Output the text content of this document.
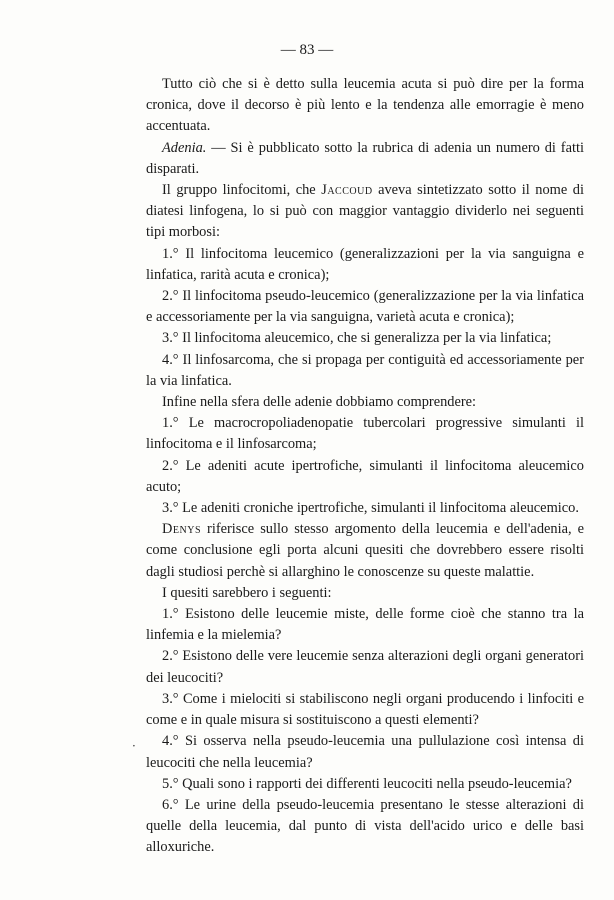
— 83 —

Tutto ciò che si è detto sulla leucemia acuta si può dire per la forma cronica, dove il decorso è più lento e la tendenza alle emorragie è meno accentuata.

Adenia. — Si è pubblicato sotto la rubrica di adenia un numero di fatti disparati.

Il gruppo linfocitomi, che Jaccoud aveva sintetizzato sotto il nome di diatesi linfogena, lo si può con maggior vantaggio dividerlo nei seguenti tipi morbosi:

1.° Il linfocitoma leucemico (generalizzazioni per la via sanguigna e linfatica, rarità acuta e cronica);

2.° Il linfocitoma pseudo-leucemico (generalizzazione per la via linfatica e accessoriamente per la via sanguigna, varietà acuta e cronica);

3.° Il linfocitoma aleucemico, che si generalizza per la via linfatica;

4.° Il linfosarcoma, che si propaga per contiguità ed accessoriamente per la via linfatica.

Infine nella sfera delle adenie dobbiamo comprendere:

1.° Le macrocropoliadenopatie tubercolari progressive simulanti il linfocitoma e il linfosarcoma;

2.° Le adeniti acute ipertrofiche, simulanti il linfocitoma aleucemico acuto;

3.° Le adeniti croniche ipertrofiche, simulanti il linfocitoma aleucemico.

Denys riferisce sullo stesso argomento della leucemia e dell'adenia, e come conclusione egli porta alcuni quesiti che dovrebbero essere risolti dagli studiosi perchè si allarghino le conoscenze su queste malattie.

I quesiti sarebbero i seguenti:

1.° Esistono delle leucemie miste, delle forme cioè che stanno tra la linfemia e la mielemia?

2.° Esistono delle vere leucemie senza alterazioni degli organi generatori dei leucociti?

3.° Come i mielociti si stabiliscono negli organi producendo i linfociti e come e in quale misura si sostituiscono a questi elementi?

4.° Si osserva nella pseudo-leucemia una pullulazione così intensa di leucociti che nella leucemia?

5.° Quali sono i rapporti dei differenti leucociti nella pseudo-leucemia?

6.° Le urine della pseudo-leucemia presentano le stesse alterazioni di quelle della leucemia, dal punto di vista dell'acido urico e delle basi alloxuriche.

·
